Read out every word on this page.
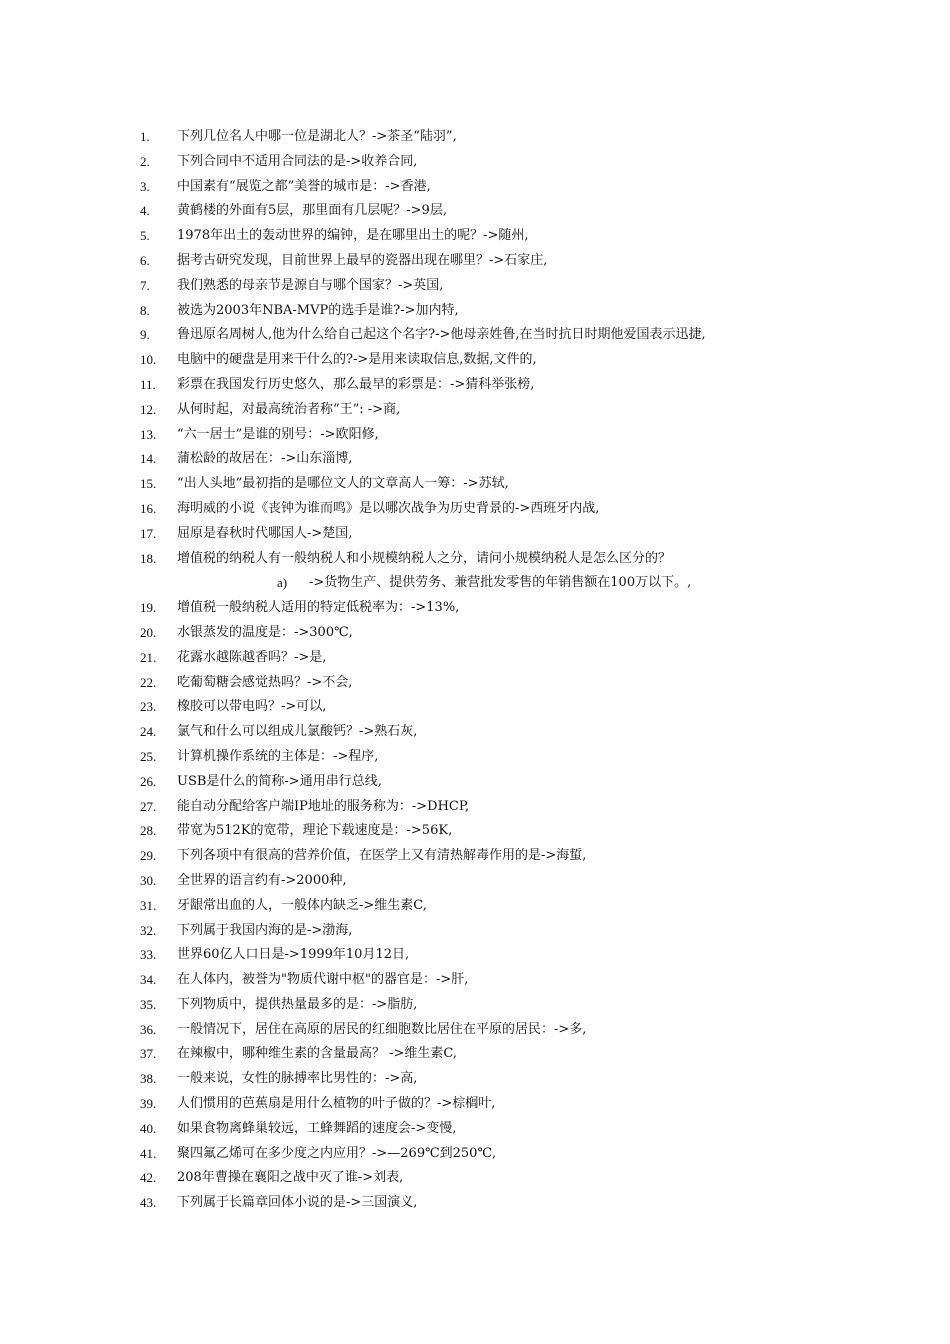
1.	下列几位名人中哪一位是湖北人？->茶圣“陆羽”,
2.	下列合同中不适用合同法的是->收养合同,
3.	中国素有“展览之都”美誉的城市是：->香港,
4.	黄鹤楼的外面有5层，那里面有几层呢？->9层,
5.	1978年出土的轰动世界的编钟，是在哪里出土的呢？->随州,
6.	据考古研究发现，目前世界上最早的瓷器出现在哪里？->石家庄,
7.	我们熟悉的母亲节是源自与哪个国家？->英国,
8.	被选为2003年NBA-MVP的选手是谁?->加内特,
9.	鲁迅原名周树人,他为什么给自己起这个名字?->他母亲姓鲁,在当时抗日时期他爱国表示迅捷,
10.	电脑中的硬盘是用来干什么的?->是用来读取信息,数据,文件的,
11.	彩票在我国发行历史悠久，那么最早的彩票是：->猜科举张榜,
12.	从何时起，对最高统治者称“王”: ->商,
13.	“六一居士”是谁的别号：->欧阳修,
14.	蒲松龄的故居在：->山东淄博,
15.	“出人头地”最初指的是哪位文人的文章高人一筹：->苏轼,
16.	海明威的小说《丧钟为谁而鸣》是以哪次战争为历史背景的->西班牙内战,
17.	屈原是春秋时代哪国人->楚国,
18.	增值税的纳税人有一般纳税人和小规模纳税人之分，请问小规模纳税人是怎么区分的？
a)	->货物生产、提供劳务、兼营批发零售的年销售额在100万以下。,
19.	增值税一般纳税人适用的特定低税率为：->13%,
20.	水银蒸发的温度是：->300℃,
21.	花露水越陈越香吗？->是,
22.	吃葡萄糖会感觉热吗？->不会,
23.	橡胶可以带电吗？->可以,
24.	氯气和什么可以组成儿氯酸钙？->熟石灰,
25.	计算机操作系统的主体是：->程序,
26.	USB是什么的简称->通用串行总线,
27.	能自动分配给客户端IP地址的服务称为：->DHCP,
28.	带宽为512K的宽带，理论下载速度是：->56K,
29.	下列各项中有很高的营养价值，在医学上又有清热解毒作用的是->海蜇,
30.	全世界的语言约有->2000种,
31.	牙龈常出血的人，一般体内缺乏->维生素C,
32.	下列属于我国内海的是->渤海,
33.	世界60亿人口日是->1999年10月12日,
34.	在人体内，被誉为"物质代谢中枢"的器官是：->肝,
35.	下列物质中，提供热量最多的是：->脂肪,
36.	一般情况下，居住在高原的居民的红细胞数比居住在平原的居民：->多,
37.	在辣椒中，哪种维生素的含量最高？ ->维生素C,
38.	一般来说，女性的脉搏率比男性的：->高,
39.	人们惯用的芭蕉扇是用什么植物的叶子做的？->棕榈叶,
40.	如果食物离蜂巢较远，工蜂舞蹈的速度会->变慢,
41.	聚四氟乙烯可在多少度之内应用？->—269℃到250℃,
42.	208年曹操在襄阳之战中灭了谁->刘表,
43.	下列属于长篇章回体小说的是->三国演义,
